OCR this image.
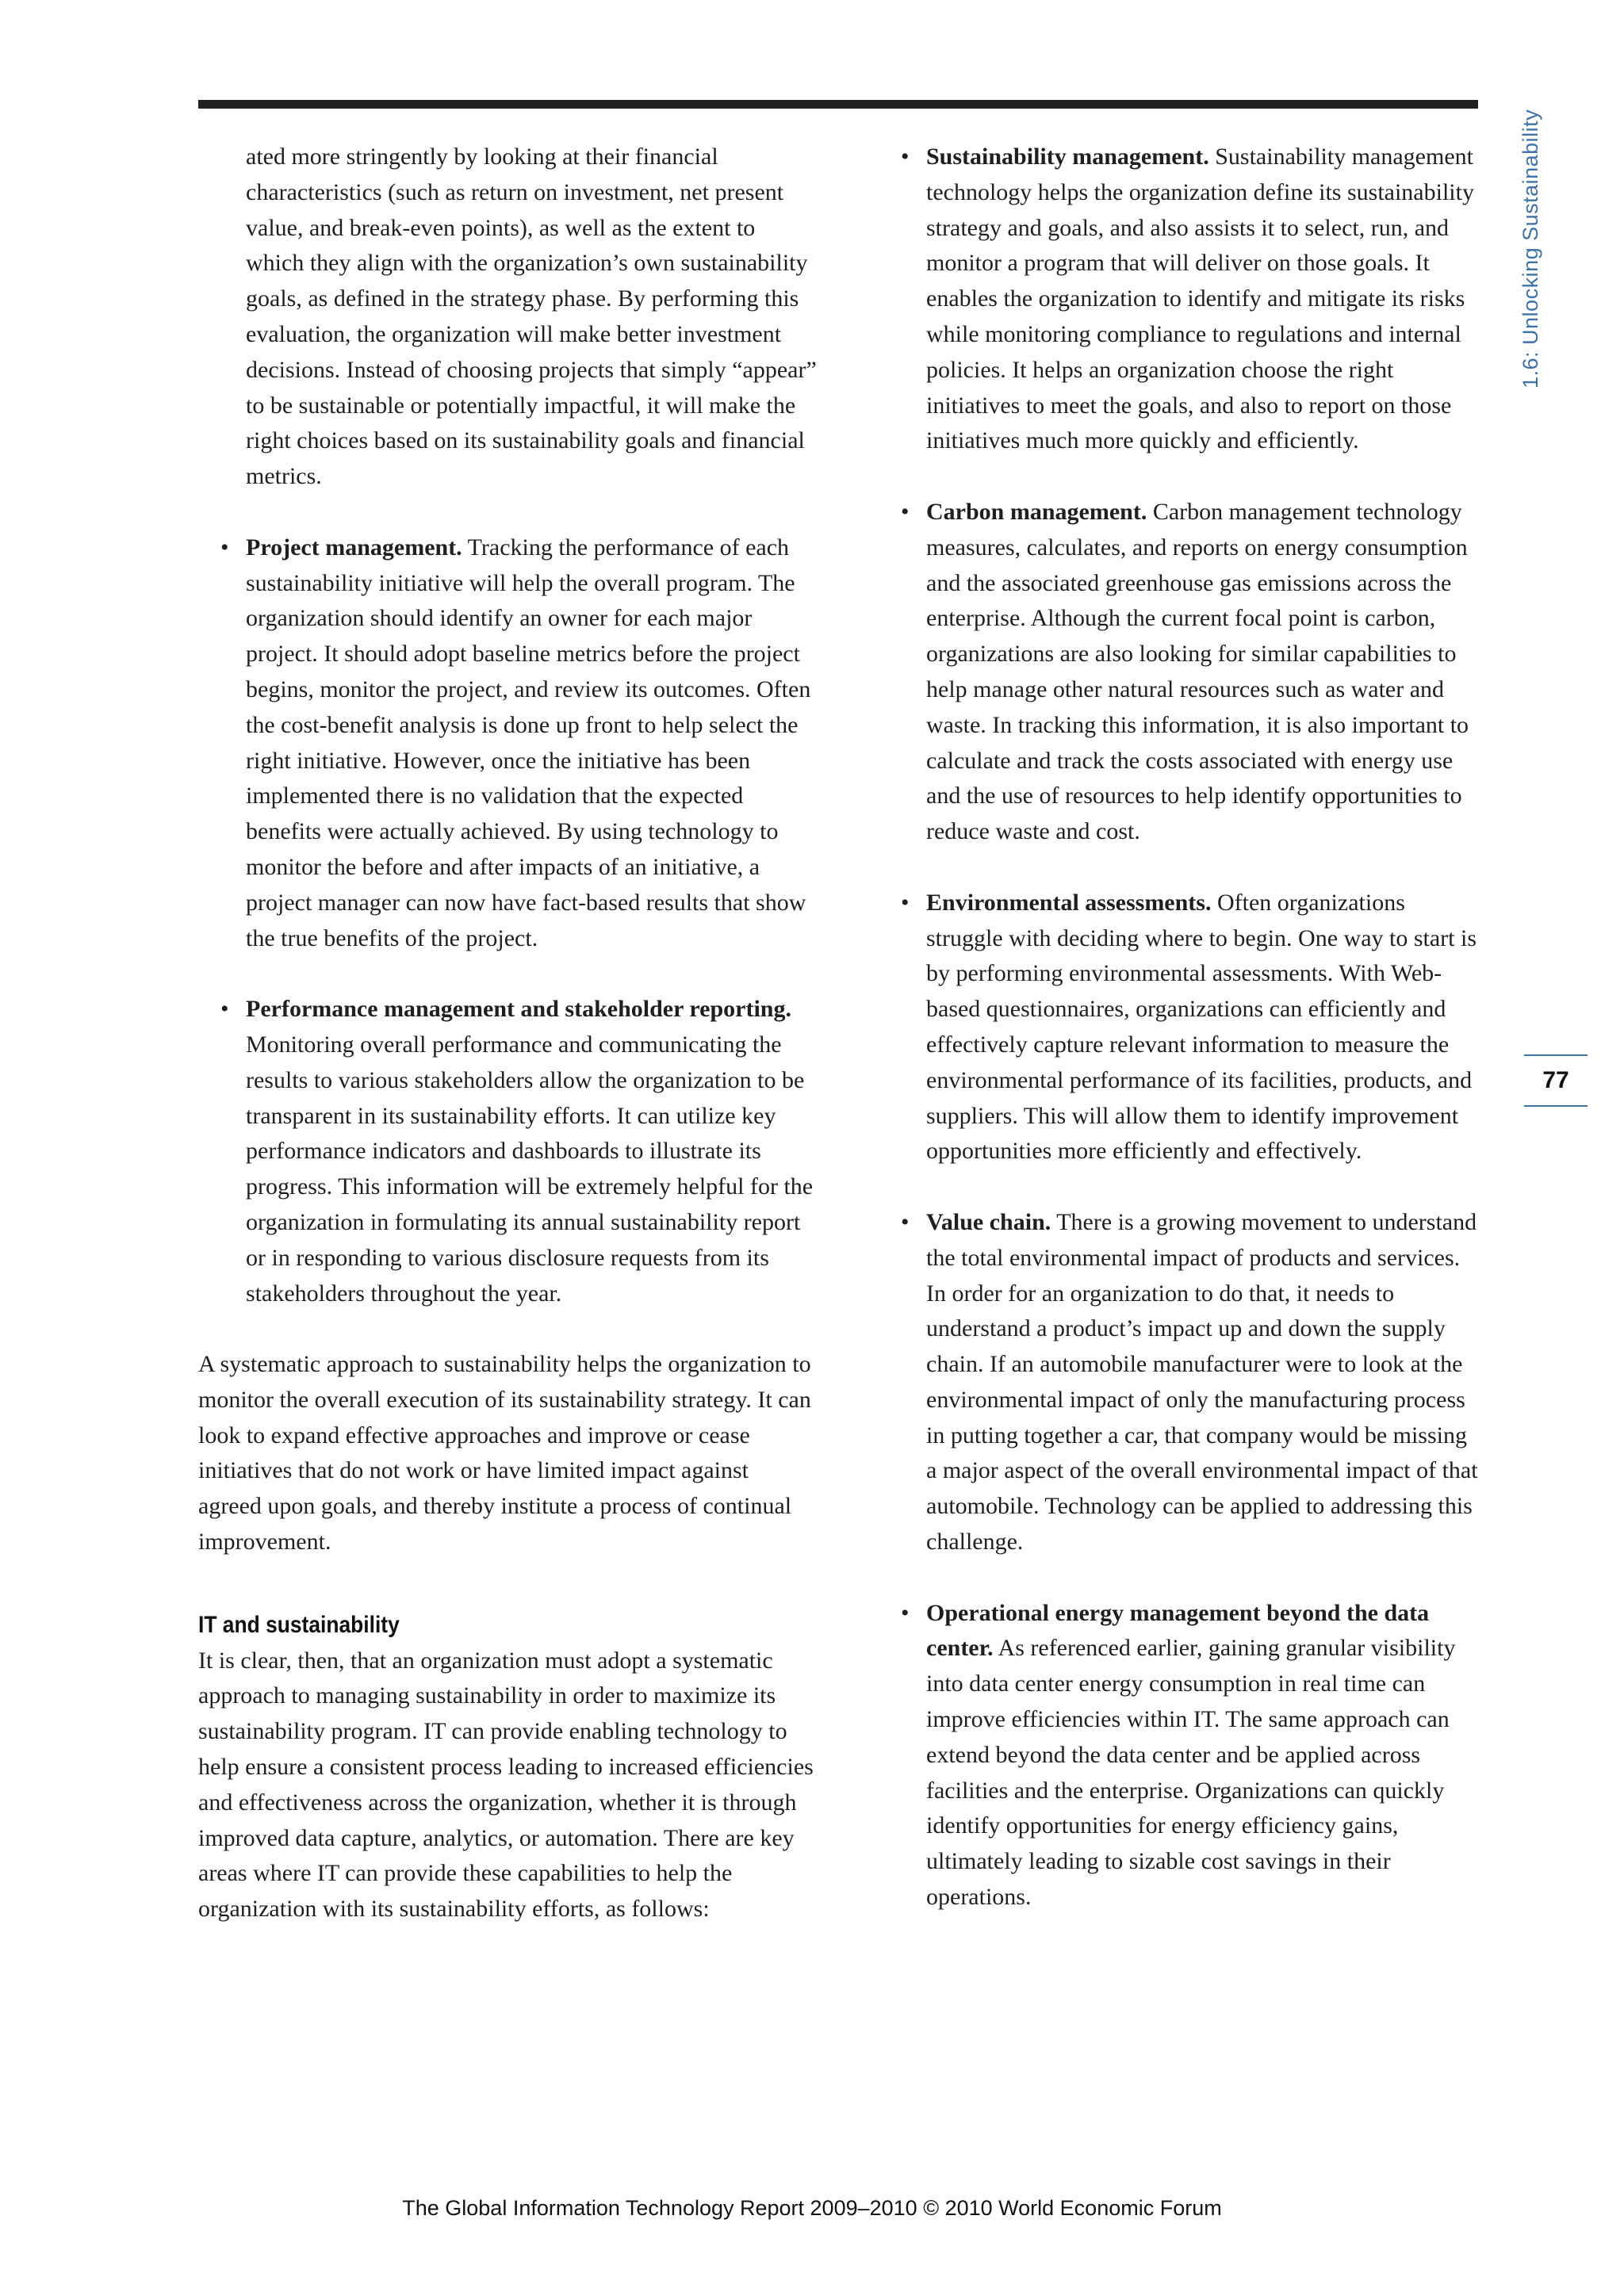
1.6: Unlocking Sustainability
77

ated more stringently by looking at their financial characteristics (such as return on investment, net present value, and break-even points), as well as the extent to which they align with the organization’s own sustainability goals, as defined in the strategy phase. By performing this evaluation, the organization will make better investment decisions. Instead of choosing projects that simply “appear” to be sustainable or potentially impactful, it will make the right choices based on its sustainability goals and financial metrics.

• Project management. Tracking the performance of each sustainability initiative will help the overall program. The organization should identify an owner for each major project. It should adopt baseline metrics before the project begins, monitor the project, and review its outcomes. Often the cost-benefit analysis is done up front to help select the right initiative. However, once the initiative has been implemented there is no validation that the expected benefits were actually achieved. By using technology to monitor the before and after impacts of an initiative, a project manager can now have fact-based results that show the true benefits of the project.
• Performance management and stakeholder reporting. Monitoring overall performance and communicating the results to various stakeholders allow the organization to be transparent in its sustainability efforts. It can utilize key performance indicators and dashboards to illustrate its progress. This information will be extremely helpful for the organization in formulating its annual sustainability report or in responding to various disclosure requests from its stakeholders throughout the year.

A systematic approach to sustainability helps the organization to monitor the overall execution of its sustainability strategy. It can look to expand effective approaches and improve or cease initiatives that do not work or have limited impact against agreed upon goals, and thereby institute a process of continual improvement.

IT and sustainability

It is clear, then, that an organization must adopt a systematic approach to managing sustainability in order to maximize its sustainability program. IT can provide enabling technology to help ensure a consistent process leading to increased efficiencies and effectiveness across the organization, whether it is through improved data capture, analytics, or automation. There are key areas where IT can provide these capabilities to help the organization with its sustainability efforts, as follows:

• Sustainability management. Sustainability management technology helps the organization define its sustainability strategy and goals, and also assists it to select, run, and monitor a program that will deliver on those goals. It enables the organization to identify and mitigate its risks while monitoring compliance to regulations and internal policies. It helps an organization choose the right initiatives to meet the goals, and also to report on those initiatives much more quickly and efficiently.
• Carbon management. Carbon management technology measures, calculates, and reports on energy consumption and the associated greenhouse gas emissions across the enterprise. Although the current focal point is carbon, organizations are also looking for similar capabilities to help manage other natural resources such as water and waste. In tracking this information, it is also important to calculate and track the costs associated with energy use and the use of resources to help identify opportunities to reduce waste and cost.
• Environmental assessments. Often organizations struggle with deciding where to begin. One way to start is by performing environmental assessments. With Web-based questionnaires, organizations can efficiently and effectively capture relevant information to measure the environmental performance of its facilities, products, and suppliers. This will allow them to identify improvement opportunities more efficiently and effectively.
• Value chain. There is a growing movement to understand the total environmental impact of products and services. In order for an organization to do that, it needs to understand a product’s impact up and down the supply chain. If an automobile manufacturer were to look at the environmental impact of only the manufacturing process in putting together a car, that company would be missing a major aspect of the overall environmental impact of that automobile. Technology can be applied to addressing this challenge.
• Operational energy management beyond the data center. As referenced earlier, gaining granular visibility into data center energy consumption in real time can improve efficiencies within IT. The same approach can extend beyond the data center and be applied across facilities and the enterprise. Organizations can quickly identify opportunities for energy efficiency gains, ultimately leading to sizable cost savings in their operations.
The Global Information Technology Report 2009–2010 © 2010 World Economic Forum
